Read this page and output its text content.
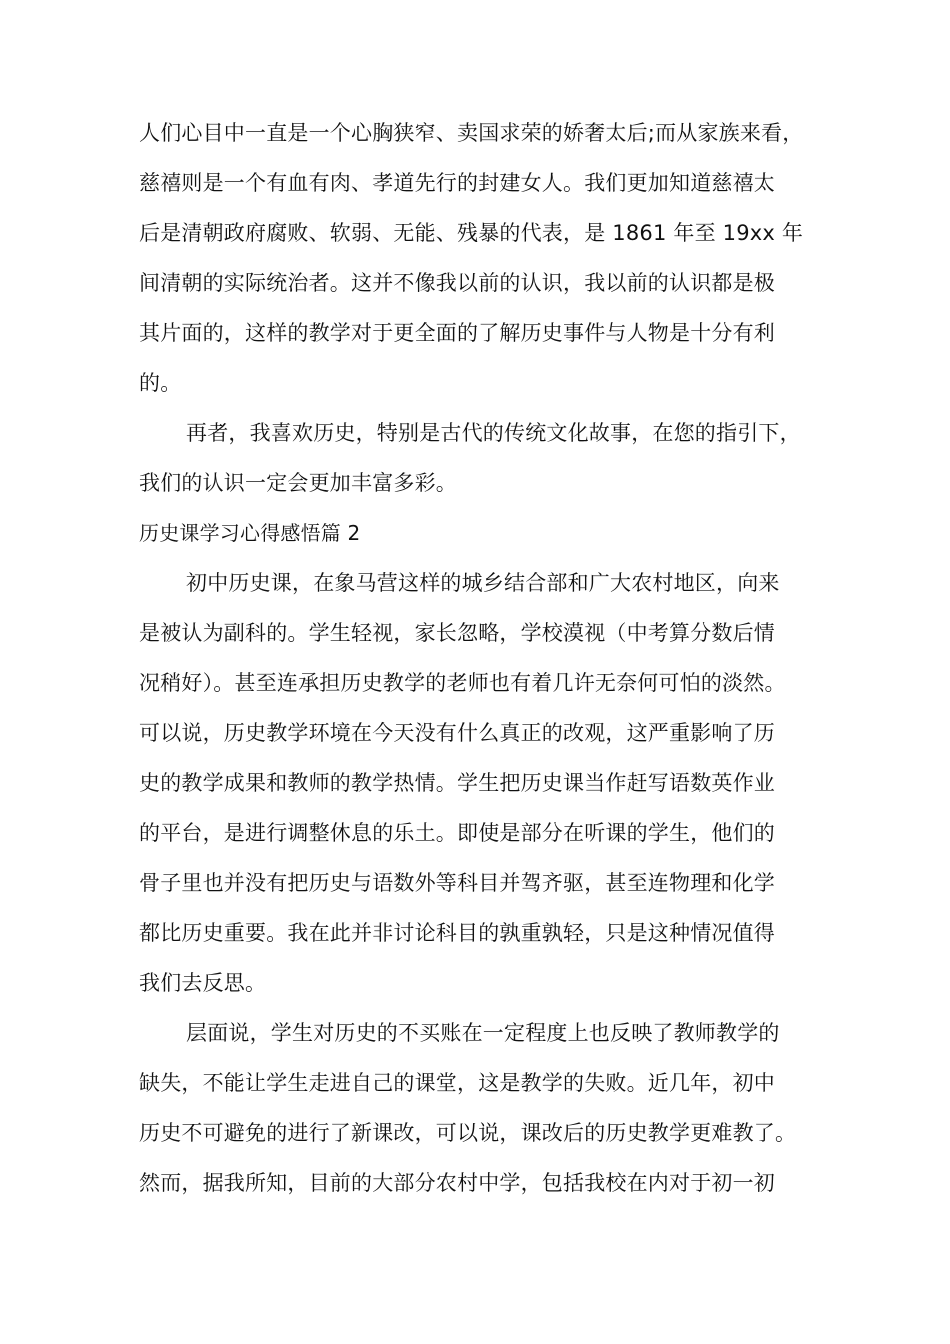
人们心目中一直是一个心胸狭窄、卖国求荣的娇奢太后;而从家族来看，
慈禧则是一个有血有肉、孝道先行的封建女人。我们更加知道慈禧太
后是清朝政府腐败、软弱、无能、残暴的代表，是 1861 年至 19xx 年
间清朝的实际统治者。这并不像我以前的认识，我以前的认识都是极
其片面的，这样的教学对于更全面的了解历史事件与人物是十分有利
的。
再者，我喜欢历史，特别是古代的传统文化故事，在您的指引下，
我们的认识一定会更加丰富多彩。
历史课学习心得感悟篇 2
初中历史课，在象马营这样的城乡结合部和广大农村地区，向来
是被认为副科的。学生轻视，家长忽略，学校漠视（中考算分数后情
况稍好）。甚至连承担历史教学的老师也有着几许无奈何可怕的淡然。
可以说，历史教学环境在今天没有什么真正的改观，这严重影响了历
史的教学成果和教师的教学热情。学生把历史课当作赶写语数英作业
的平台，是进行调整休息的乐土。即使是部分在听课的学生，他们的
骨子里也并没有把历史与语数外等科目并驾齐驱，甚至连物理和化学
都比历史重要。我在此并非讨论科目的孰重孰轻，只是这种情况值得
我们去反思。
层面说，学生对历史的不买账在一定程度上也反映了教师教学的
缺失，不能让学生走进自己的课堂，这是教学的失败。近几年，初中
历史不可避免的进行了新课改，可以说，课改后的历史教学更难教了。
然而，据我所知，目前的大部分农村中学，包括我校在内对于初一初
